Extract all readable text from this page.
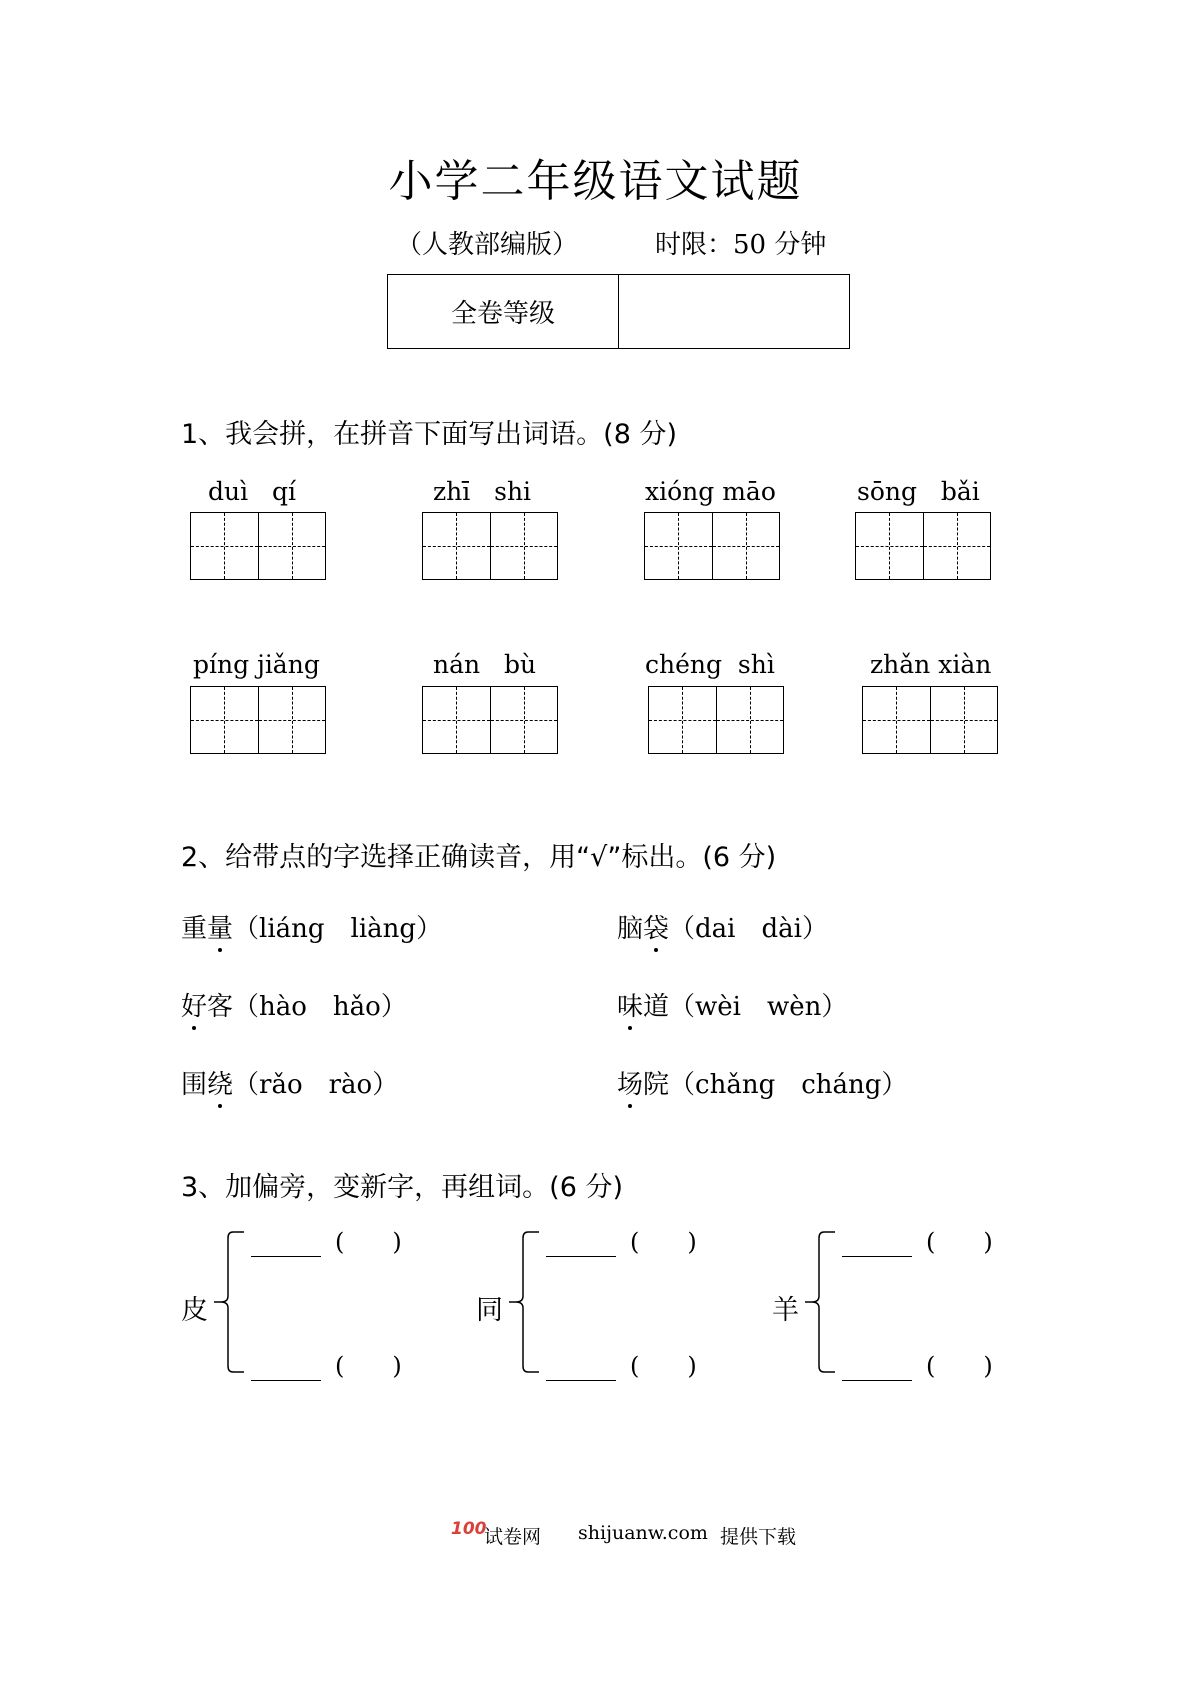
小学二年级语文试题
（人教部编版）	时限：50 分钟
全卷等级
1、我会拼，在拼音下面写出词语。(8 分)
duì qí	zhī shi	xióng māo	sōng bǎi
píng jiǎng	nán bù	chéng shì	zhǎn xiàn
2、给带点的字选择正确读音，用“√”标出。(6 分)
重量（liáng　liàng）	脑袋（dai　dài）
好客（hào　hǎo）	味道（wèi　wèn）
围绕（rǎo　rào）	场院（chǎng　cháng）
3、加偏旁，变新字，再组词。(6 分)
皮
(　　)
(　　)
同
(　　)
(　　)
羊
(　　)
(　　)
100
试卷网 shijuanw.com 提供下载
